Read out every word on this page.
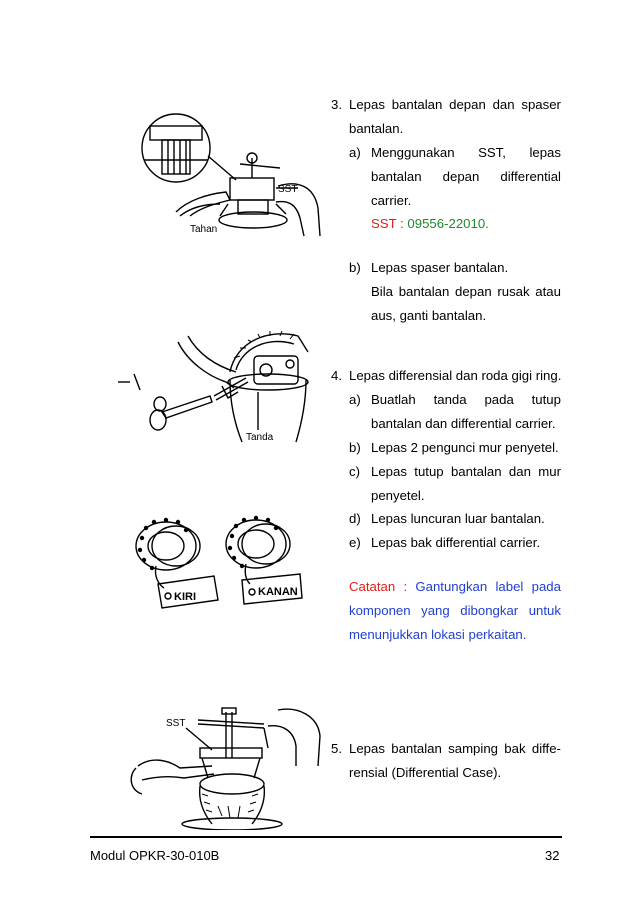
SST
Tahan
Tanda
KIRI	KANAN
SST
3. Lepas bantalan depan dan spaser
bantalan.
a) Menggunakan SST, lepas
bantalan depan differential
carrier.
SST : 09556-22010.
b) Lepas spaser bantalan.
Bila bantalan depan rusak atau
aus, ganti bantalan.
4. Lepas differensial dan roda gigi ring.
a) Buatlah tanda pada tutup
bantalan dan differential carrier.
b) Lepas 2 pengunci mur penyetel.
c) Lepas tutup bantalan dan mur
penyetel.
d) Lepas luncuran luar bantalan.
e) Lepas bak differential carrier.
Catatan : Gantungkan label pada
komponen yang dibongkar untuk
menunjukkan lokasi perkaitan.
5. Lepas bantalan samping bak diffe-
rensial (Differential Case).
Modul OPKR-30-010B	32
